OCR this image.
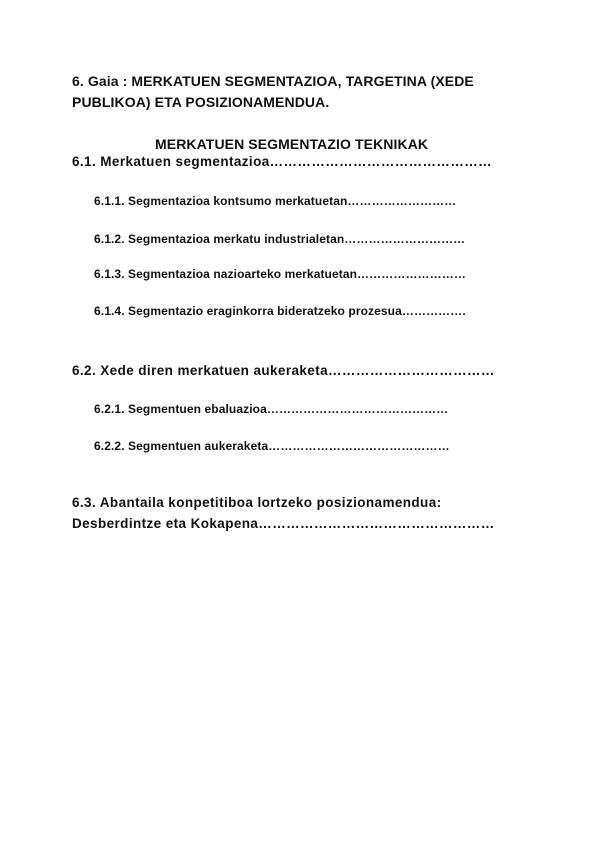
6. Gaia : MERKATUEN SEGMENTAZIOA, TARGETINA (XEDE
PUBLIKOA) ETA POSIZIONAMENDUA.
MERKATUEN SEGMENTAZIO TEKNIKAK
6.1. Merkatuen segmentazioa…………………………………………
6.1.1. Segmentazioa kontsumo merkatuetan………………………
6.1.2. Segmentazioa merkatu industrialetan…………………………
6.1.3. Segmentazioa nazioarteko merkatuetan………………………
6.1.4. Segmentazio eraginkorra bideratzeko prozesua…………….
6.2. Xede diren merkatuen aukeraketa………………………………
6.2.1. Segmentuen ebaluazioa………………………………………
6.2.2. Segmentuen aukeraketa………………………………………
6.3. Abantaila konpetitiboa lortzeko posizionamendua:
Desberdintze eta Kokapena……………………………………………
